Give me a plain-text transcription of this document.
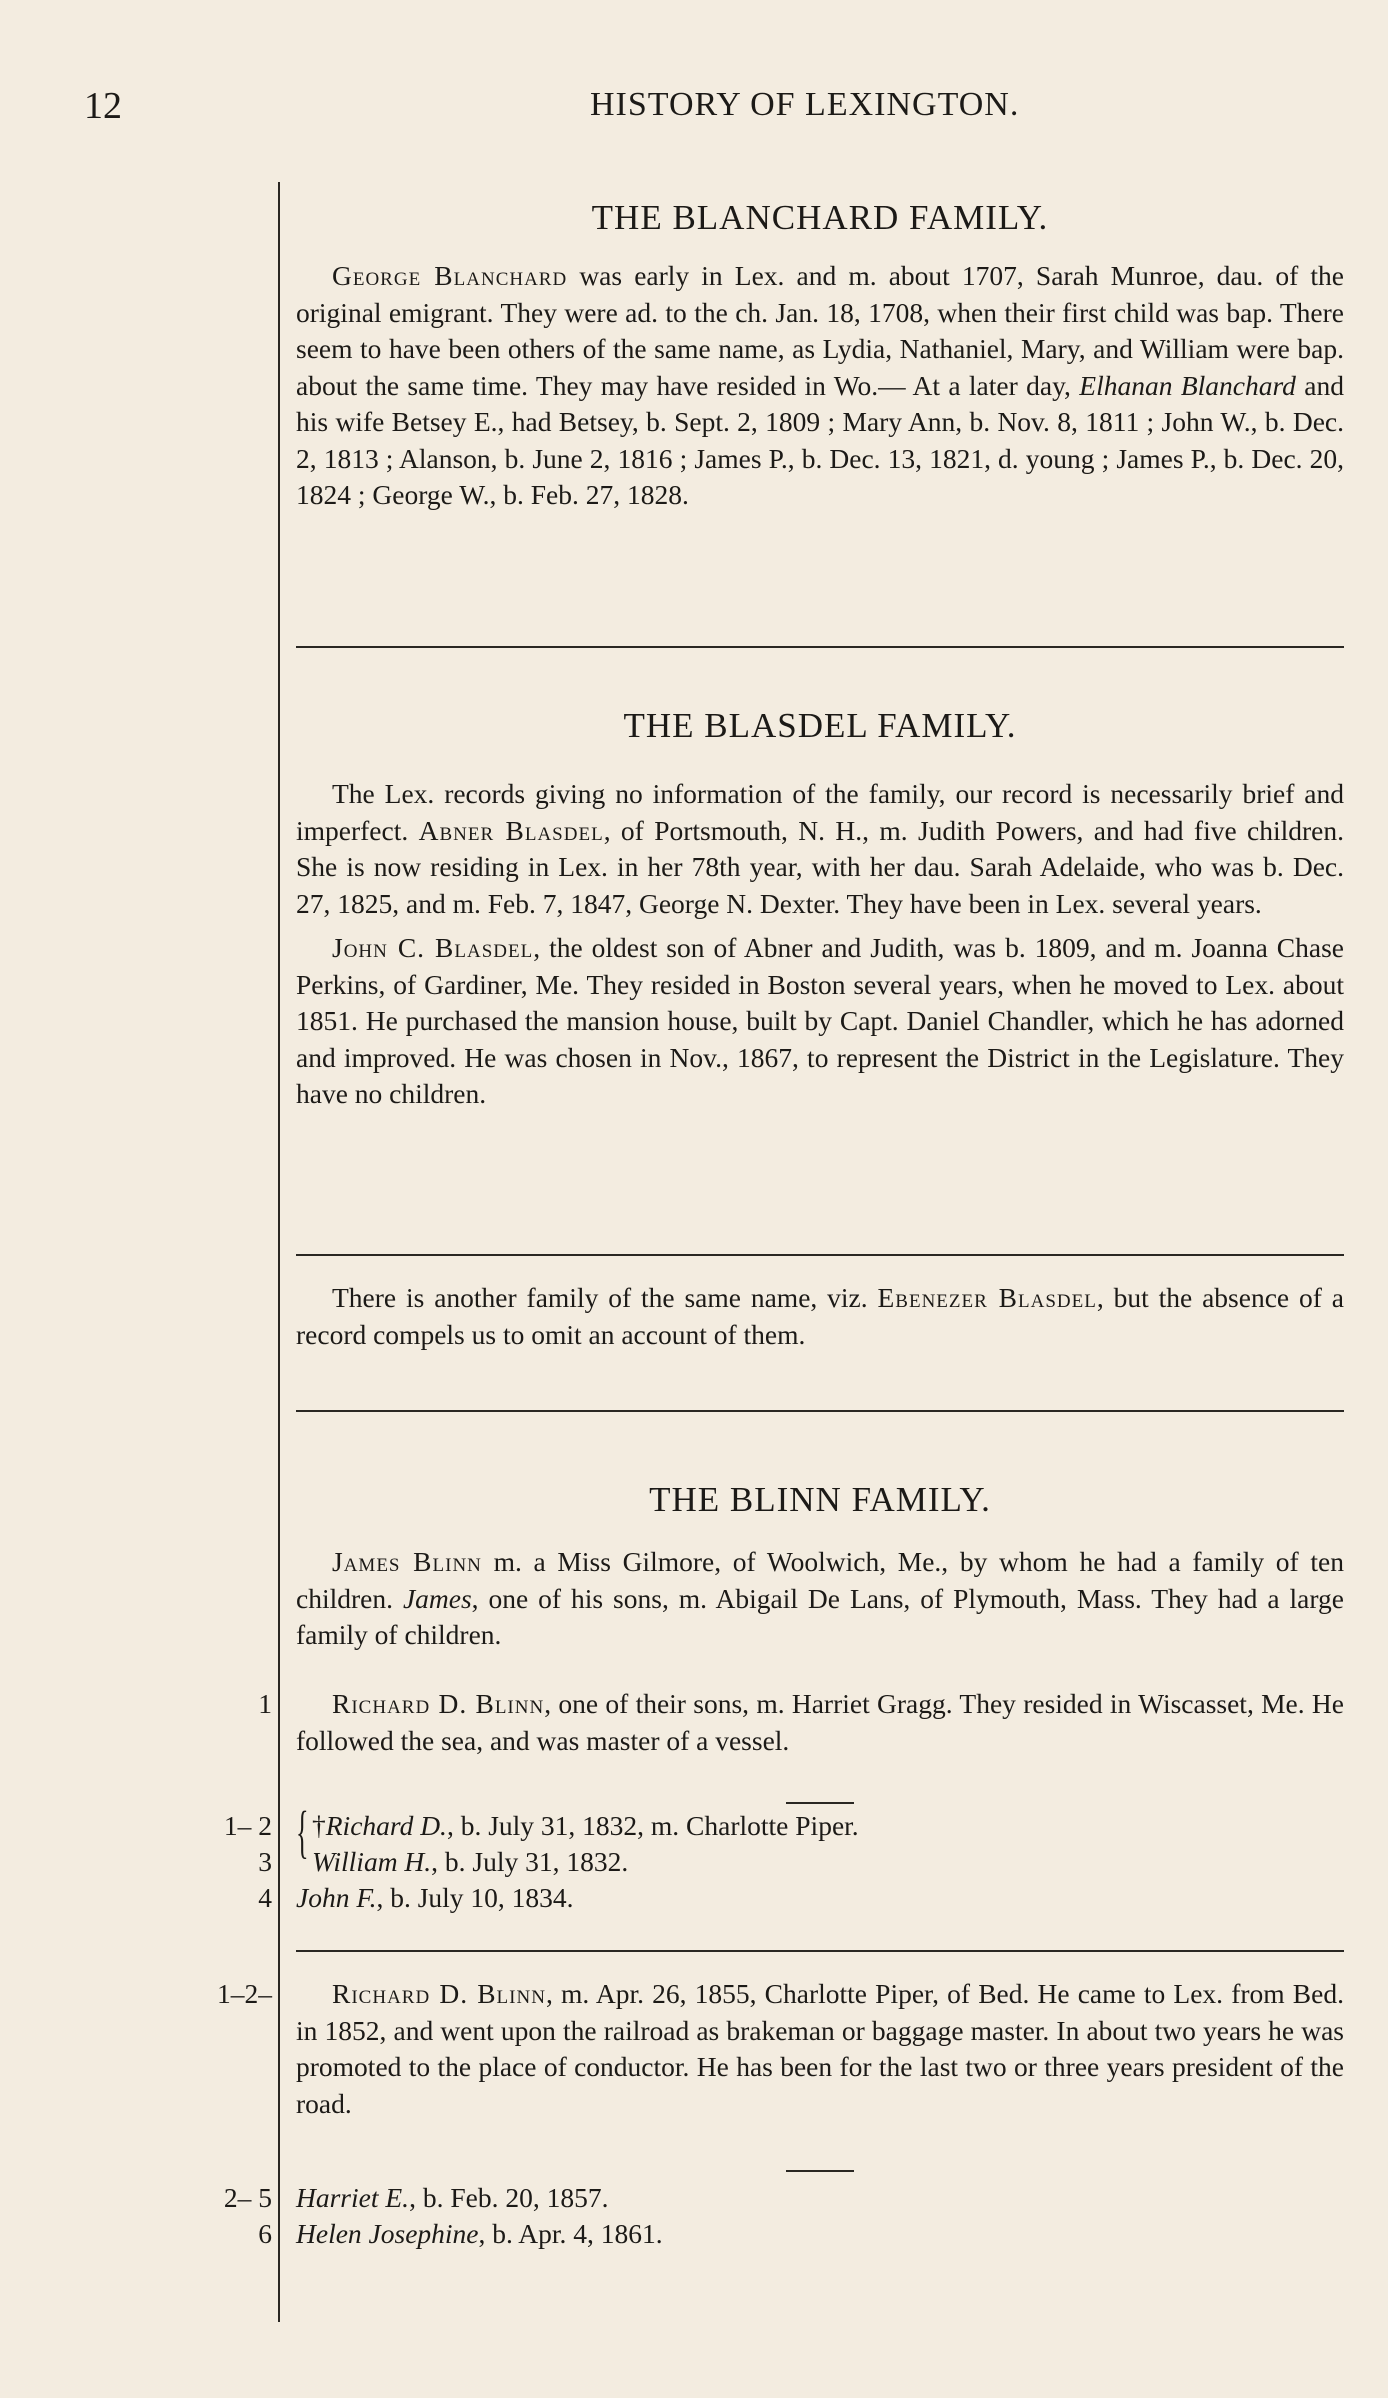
12	HISTORY OF LEXINGTON.
THE BLANCHARD FAMILY.

George Blanchard was early in Lex. and m. about 1707, Sarah Munroe, dau. of the original emigrant. They were ad. to the ch. Jan. 18, 1708, when their first child was bap. There seem to have been others of the same name, as Lydia, Nathaniel, Mary, and William were bap. about the same time. They may have resided in Wo.— At a later day, Elhanan Blanchard and his wife Betsey E., had Betsey, b. Sept. 2, 1809 ; Mary Ann, b. Nov. 8, 1811 ; John W., b. Dec. 2, 1813 ; Alanson, b. June 2, 1816 ; James P., b. Dec. 13, 1821, d. young ; James P., b. Dec. 20, 1824 ; George W., b. Feb. 27, 1828.

THE BLASDEL FAMILY.

The Lex. records giving no information of the family, our record is necessarily brief and imperfect. Abner Blasdel, of Portsmouth, N. H., m. Judith Powers, and had five children. She is now residing in Lex. in her 78th year, with her dau. Sarah Adelaide, who was b. Dec. 27, 1825, and m. Feb. 7, 1847, George N. Dexter. They have been in Lex. several years.

John C. Blasdel, the oldest son of Abner and Judith, was b. 1809, and m. Joanna Chase Perkins, of Gardiner, Me. They resided in Boston several years, when he moved to Lex. about 1851. He purchased the mansion house, built by Capt. Daniel Chandler, which he has adorned and improved. He was chosen in Nov., 1867, to represent the District in the Legislature. They have no children.

There is another family of the same name, viz. Ebenezer Blasdel, but the absence of a record compels us to omit an account of them.

THE BLINN FAMILY.

James Blinn m. a Miss Gilmore, of Woolwich, Me., by whom he had a family of ten children. James, one of his sons, m. Abigail De Lans, of Plymouth, Mass. They had a large family of children.

1	Richard D. Blinn, one of their sons, m. Harriet Gragg. They resided in Wiscasset, Me. He followed the sea, and was master of a vessel.

{
1– 2 †Richard D., b. July 31, 1832, m. Charlotte Piper.
3 William H., b. July 31, 1832.
4 John F., b. July 10, 1834.
1–2–	Richard D. Blinn, m. Apr. 26, 1855, Charlotte Piper, of Bed. He came to Lex. from Bed. in 1852, and went upon the railroad as brakeman or baggage master. In about two years he was promoted to the place of conductor. He has been for the last two or three years president of the road.

2– 5 Harriet E., b. Feb. 20, 1857.
6 Helen Josephine, b. Apr. 4, 1861.
